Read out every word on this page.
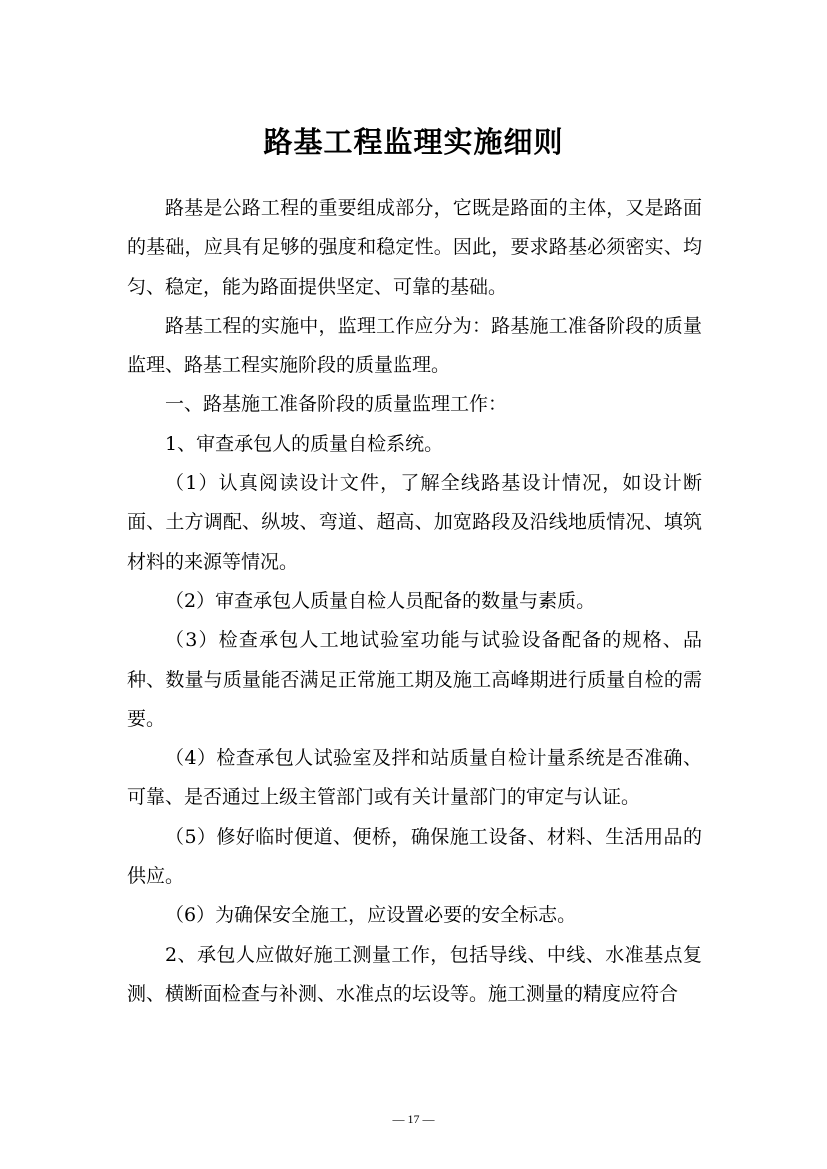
路基工程监理实施细则

路基是公路工程的重要组成部分，它既是路面的主体，又是路面的基础，应具有足够的强度和稳定性。因此，要求路基必须密实、均匀、稳定，能为路面提供坚定、可靠的基础。

路基工程的实施中，监理工作应分为：路基施工准备阶段的质量监理、路基工程实施阶段的质量监理。

一、路基施工准备阶段的质量监理工作：

1、审查承包人的质量自检系统。

（1）认真阅读设计文件，了解全线路基设计情况，如设计断面、土方调配、纵坡、弯道、超高、加宽路段及沿线地质情况、填筑材料的来源等情况。

（2）审查承包人质量自检人员配备的数量与素质。

（3）检查承包人工地试验室功能与试验设备配备的规格、品种、数量与质量能否满足正常施工期及施工高峰期进行质量自检的需要。

（4）检查承包人试验室及拌和站质量自检计量系统是否准确、可靠、是否通过上级主管部门或有关计量部门的审定与认证。

（5）修好临时便道、便桥，确保施工设备、材料、生活用品的供应。

（6）为确保安全施工，应设置必要的安全标志。

2、承包人应做好施工测量工作，包括导线、中线、水准基点复测、横断面检查与补测、水准点的坛设等。施工测量的精度应符合

— 17 —
